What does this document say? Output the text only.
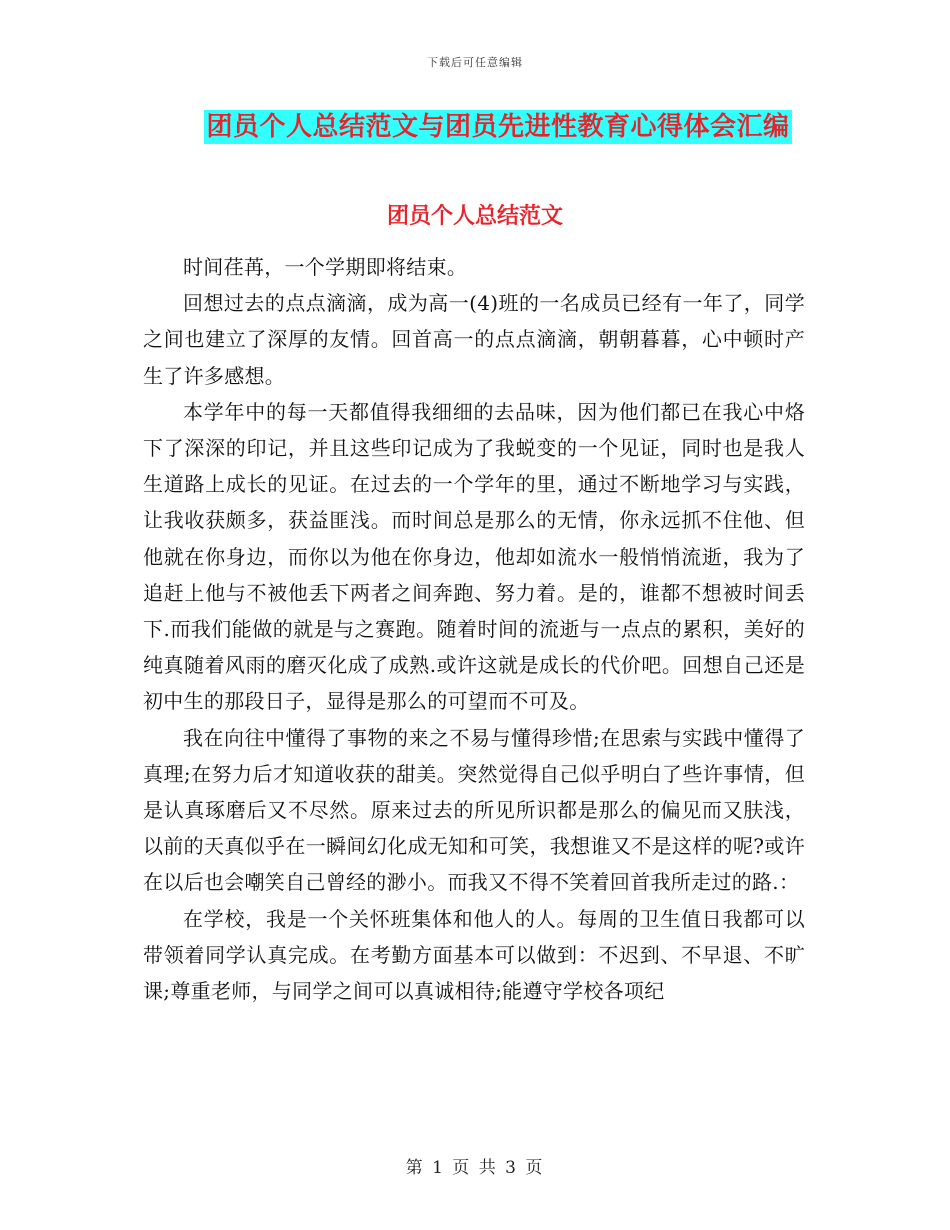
下载后可任意编辑
团员个人总结范文与团员先进性教育心得体会汇编
团员个人总结范文

时间荏苒，一个学期即将结束。

回想过去的点点滴滴，成为高一(4)班的一名成员已经有一年了，同学之间也建立了深厚的友情。回首高一的点点滴滴，朝朝暮暮，心中顿时产生了许多感想。

本学年中的每一天都值得我细细的去品味，因为他们都已在我心中烙下了深深的印记，并且这些印记成为了我蜕变的一个见证，同时也是我人生道路上成长的见证。在过去的一个学年的里，通过不断地学习与实践，让我收获颇多，获益匪浅。而时间总是那么的无情，你永远抓不住他、但他就在你身边，而你以为他在你身边，他却如流水一般悄悄流逝，我为了追赶上他与不被他丢下两者之间奔跑、努力着。是的，谁都不想被时间丢下.而我们能做的就是与之赛跑。随着时间的流逝与一点点的累积，美好的纯真随着风雨的磨灭化成了成熟.或许这就是成长的代价吧。回想自己还是初中生的那段日子，显得是那么的可望而不可及。

我在向往中懂得了事物的来之不易与懂得珍惜;在思索与实践中懂得了真理;在努力后才知道收获的甜美。突然觉得自己似乎明白了些许事情，但是认真琢磨后又不尽然。原来过去的所见所识都是那么的偏见而又肤浅，以前的天真似乎在一瞬间幻化成无知和可笑，我想谁又不是这样的呢?或许在以后也会嘲笑自己曾经的渺小。而我又不得不笑着回首我所走过的路.：

在学校，我是一个关怀班集体和他人的人。每周的卫生值日我都可以带领着同学认真完成。在考勤方面基本可以做到：不迟到、不早退、不旷课;尊重老师，与同学之间可以真诚相待;能遵守学校各项纪

第 1 页 共 3 页
